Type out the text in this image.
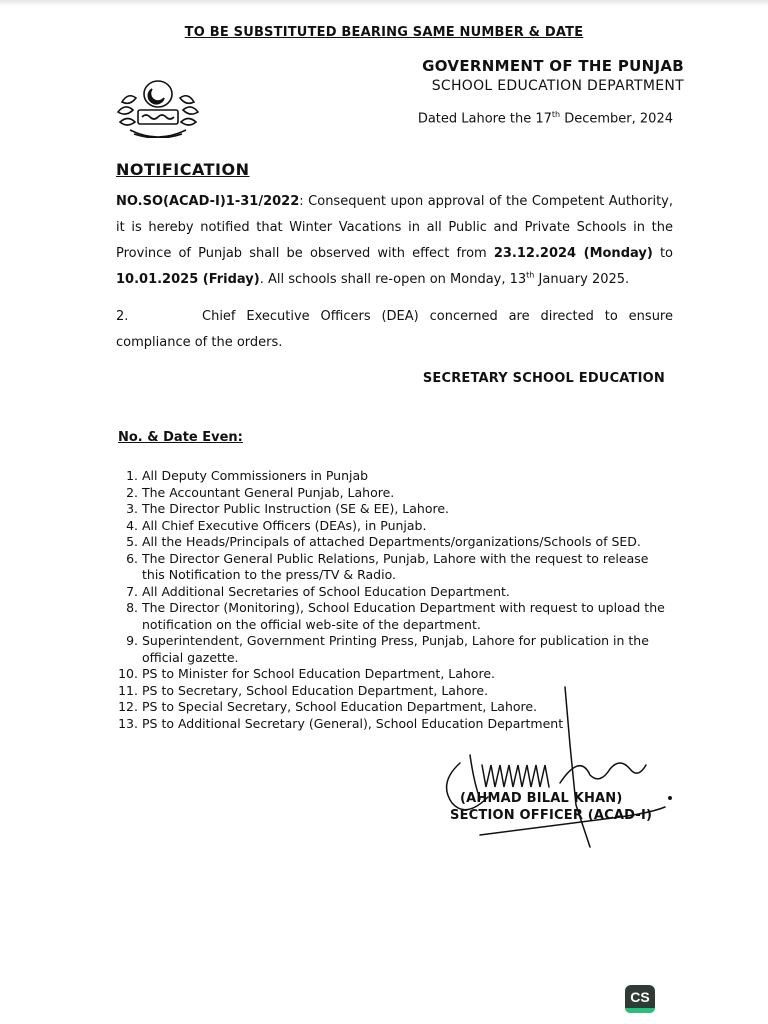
TO BE SUBSTITUTED BEARING SAME NUMBER & DATE
GOVERNMENT OF THE PUNJAB
SCHOOL EDUCATION DEPARTMENT
Dated Lahore the 17th December, 2024
NOTIFICATION
NO.SO(ACAD-I)1-31/2022: Consequent upon approval of the Competent Authority, it is hereby notified that Winter Vacations in all Public and Private Schools in the Province of Punjab shall be observed with effect from 23.12.2024 (Monday) to 10.01.2025 (Friday). All schools shall re-open on Monday, 13th January 2025.
2.	Chief Executive Officers (DEA) concerned are directed to ensure compliance of the orders.
SECRETARY SCHOOL EDUCATION
No. & Date Even:
1. All Deputy Commissioners in Punjab
2. The Accountant General Punjab, Lahore.
3. The Director Public Instruction (SE & EE), Lahore.
4. All Chief Executive Officers (DEAs), in Punjab.
5. All the Heads/Principals of attached Departments/organizations/Schools of SED.
6. The Director General Public Relations, Punjab, Lahore with the request to release this Notification to the press/TV & Radio.
7. All Additional Secretaries of School Education Department.
8. The Director (Monitoring), School Education Department with request to upload the notification on the official web-site of the department.
9. Superintendent, Government Printing Press, Punjab, Lahore for publication in the official gazette.
10. PS to Minister for School Education Department, Lahore.
11. PS to Secretary, School Education Department, Lahore.
12. PS to Special Secretary, School Education Department, Lahore.
13. PS to Additional Secretary (General), School Education Department
(AHMAD BILAL KHAN)
SECTION OFFICER (ACAD-I)
CS
